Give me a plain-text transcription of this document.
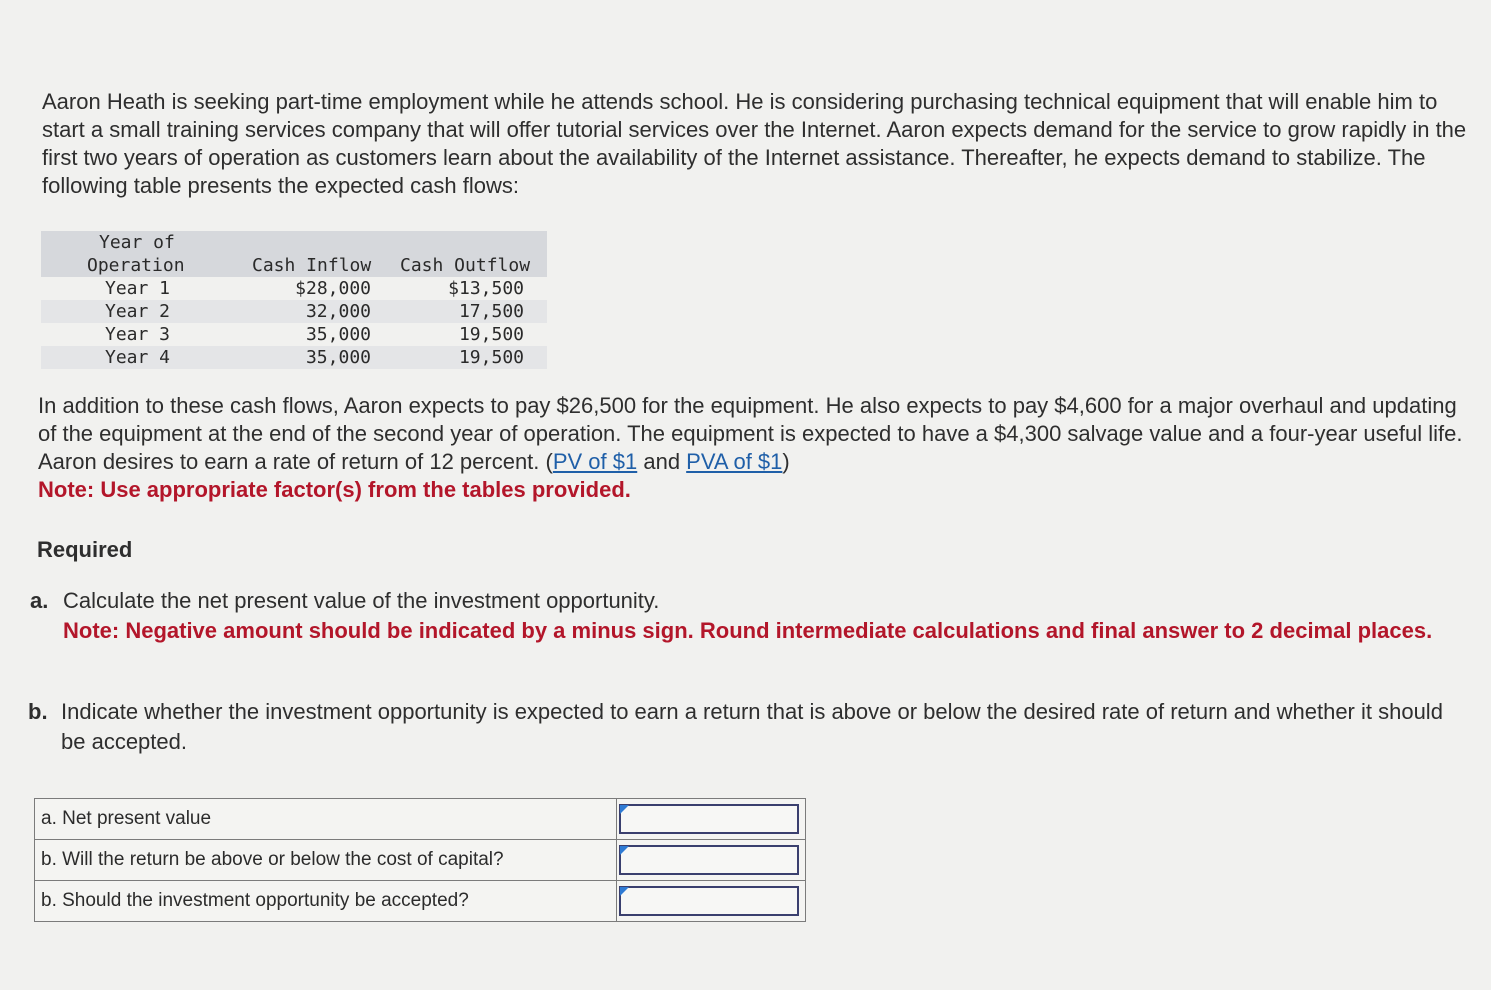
Aaron Heath is seeking part-time employment while he attends school. He is considering purchasing technical equipment that will enable him to start a small training services company that will offer tutorial services over the Internet. Aaron expects demand for the service to grow rapidly in the first two years of operation as customers learn about the availability of the Internet assistance. Thereafter, he expects demand to stabilize. The following table presents the expected cash flows:
Year of
Operation	Cash Inflow Cash Outflow
Year 1	$28,000	$13,500
Year 2	32,000	17,500
Year 3	35,000	19,500
Year 4	35,000	19,500
In addition to these cash flows, Aaron expects to pay $26,500 for the equipment. He also expects to pay $4,600 for a major overhaul and updating of the equipment at the end of the second year of operation. The equipment is expected to have a $4,300 salvage value and a four-year useful life. Aaron desires to earn a rate of return of 12 percent. (PV of $1 and PVA of $1)
Note: Use appropriate factor(s) from the tables provided.
Required
a. Calculate the net present value of the investment opportunity.
Note: Negative amount should be indicated by a minus sign. Round intermediate calculations and final answer to 2 decimal places.
b. Indicate whether the investment opportunity is expected to earn a return that is above or below the desired rate of return and whether it should be accepted.
a. Net present value	

b. Will the return be above or below the cost of capital?	

b. Should the investment opportunity be accepted?	
